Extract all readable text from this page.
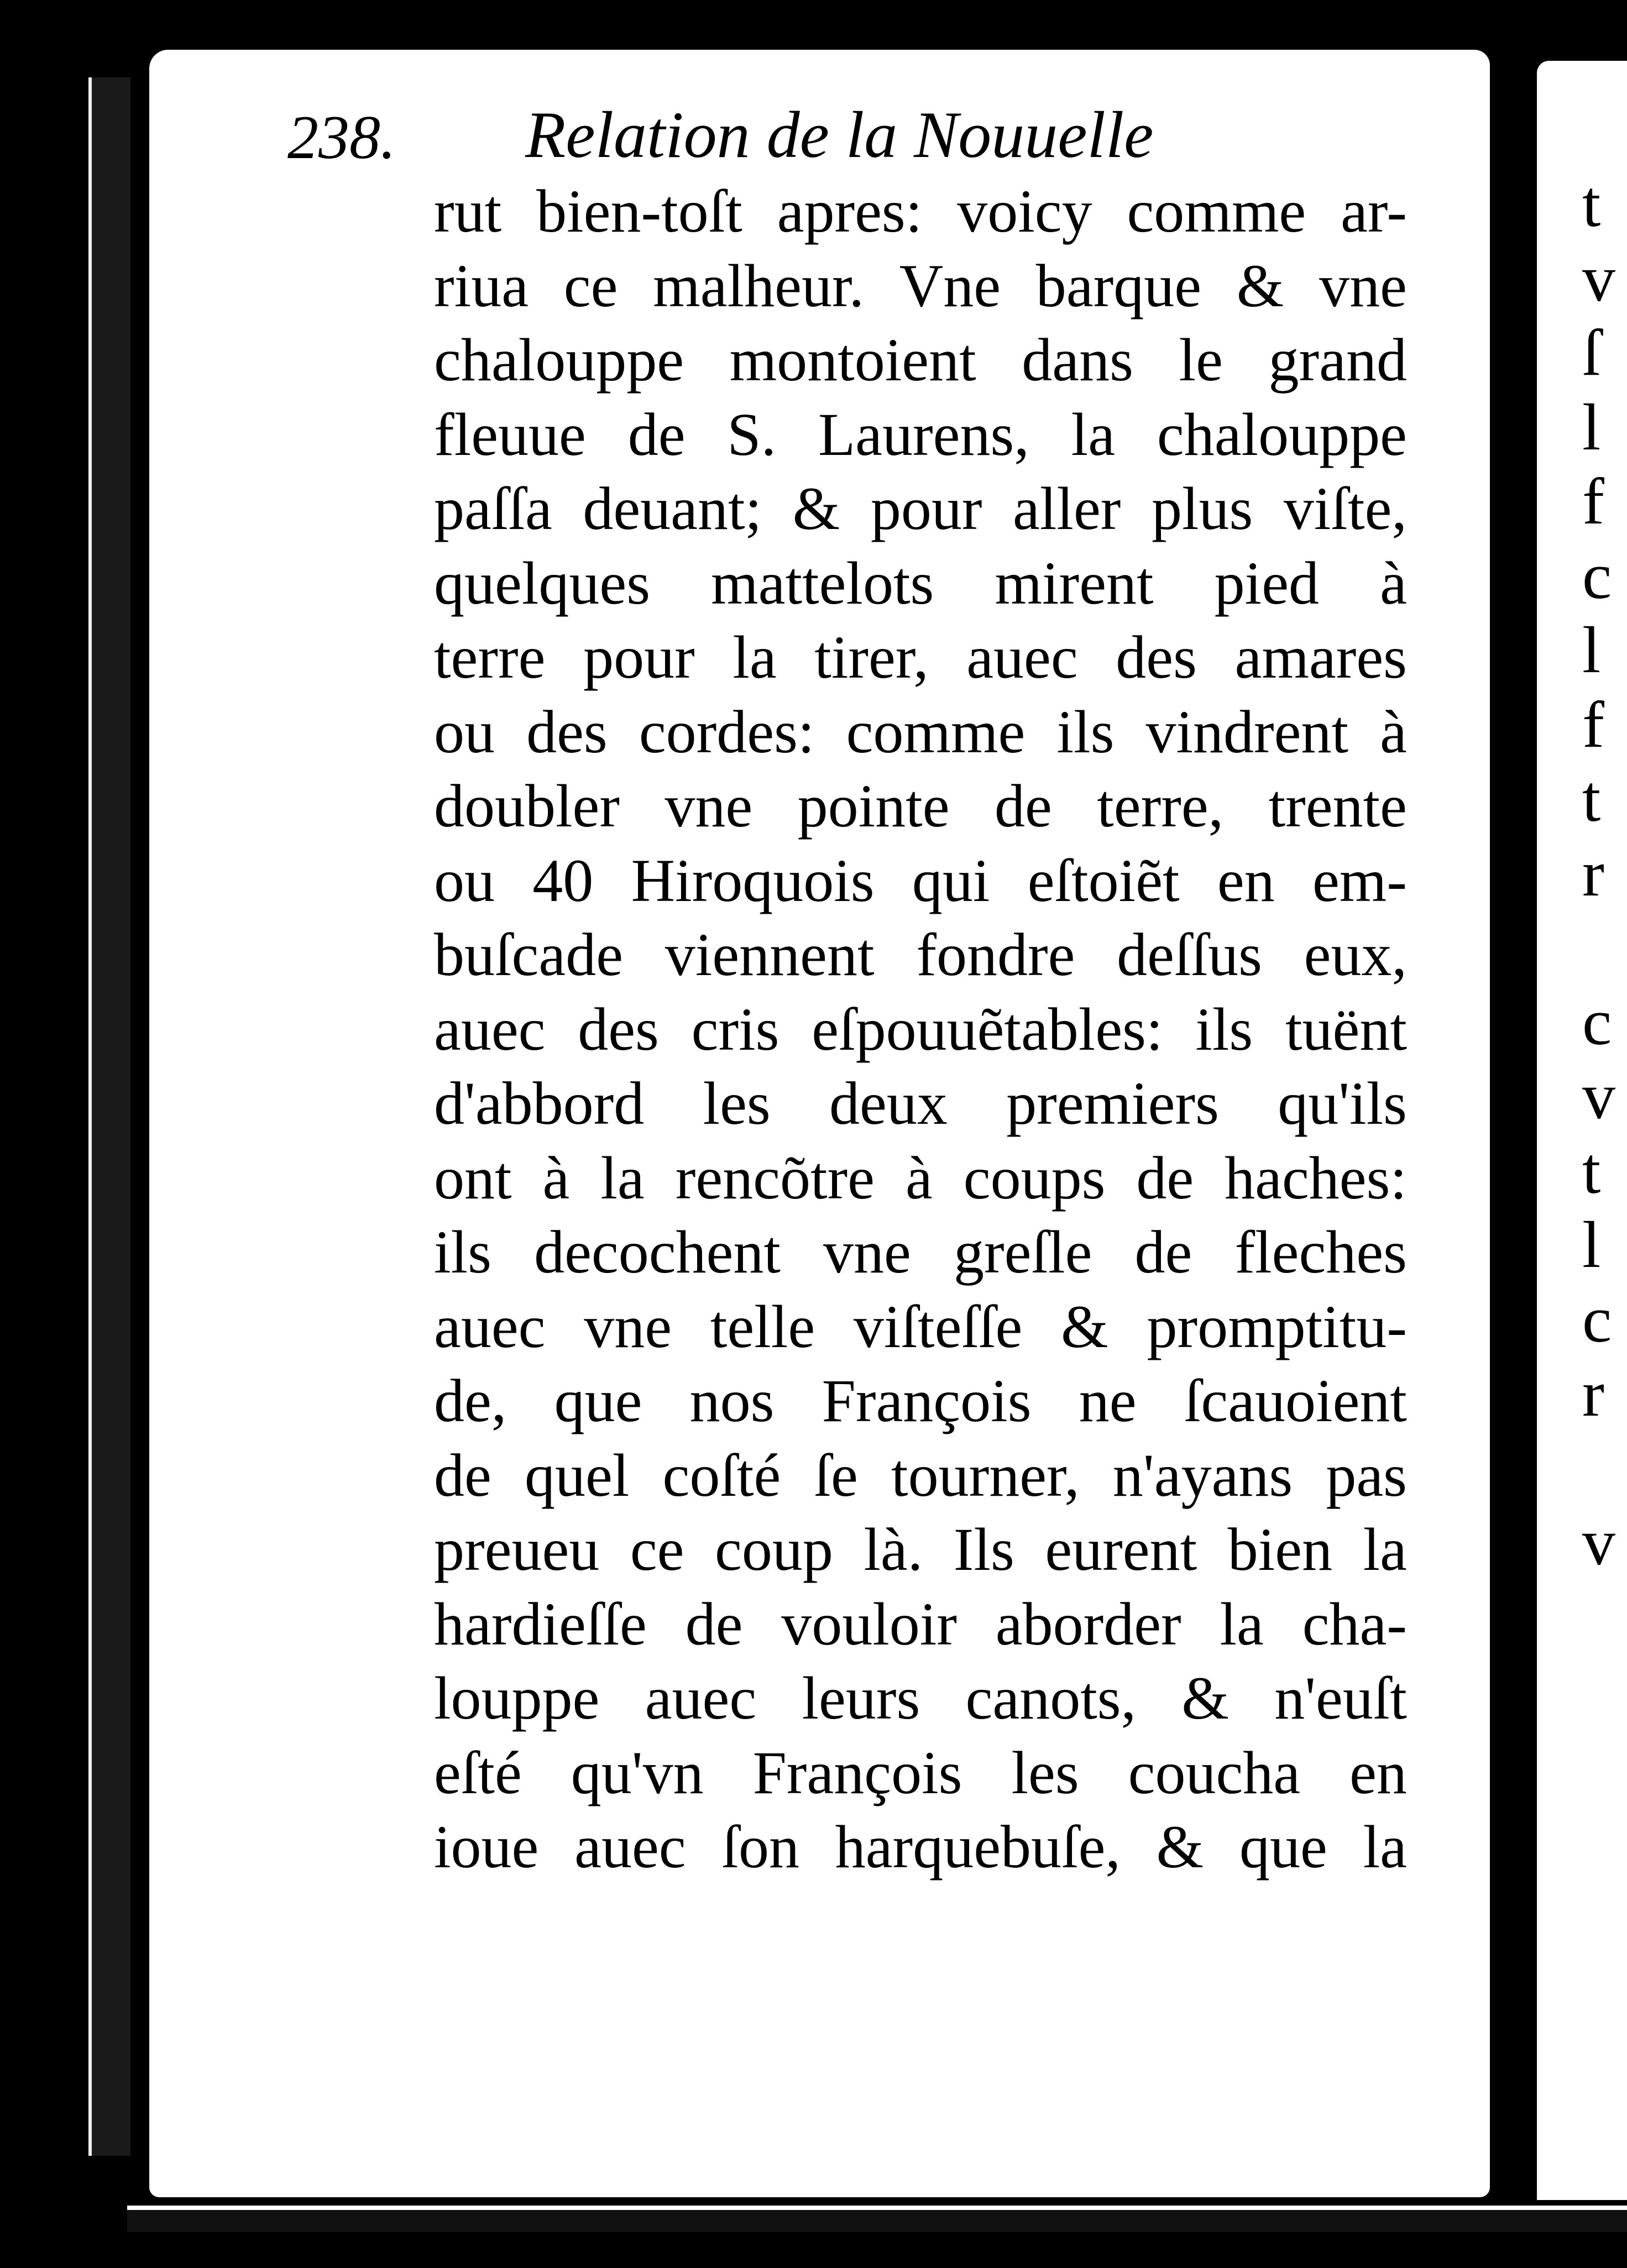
238. Relation de la Nouuelle
rut bien-toſt apres: voicy comme ar-
riua ce malheur. Vne barque & vne
chalouppe montoient dans le grand
fleuue de S. Laurens, la chalouppe
paſſa deuant; & pour aller plus viſte,
quelques mattelots mirent pied à
terre pour la tirer, auec des amares
ou des cordes: comme ils vindrent à
doubler vne pointe de terre, trente
ou 40 Hiroquois qui eſtoiẽt en em-
buſcade viennent fondre deſſus eux,
auec des cris eſpouuẽtables: ils tuënt
d'abbord les deux premiers qu'ils
ont à la rencõtre à coups de haches:
ils decochent vne greſle de fleches
auec vne telle viſteſſe & promptitu-
de, que nos François ne ſcauoient
de quel coſté ſe tourner, n'ayans pas
preueu ce coup là. Ils eurent bien la
hardieſſe de vouloir aborder la cha-
louppe auec leurs canots, & n'euſt
eſté qu'vn François les coucha en
ioue auec ſon harquebuſe, & que la
t
v
ſ
l
f
c
l
f
t
r
c
v
t
l
c
r
v
